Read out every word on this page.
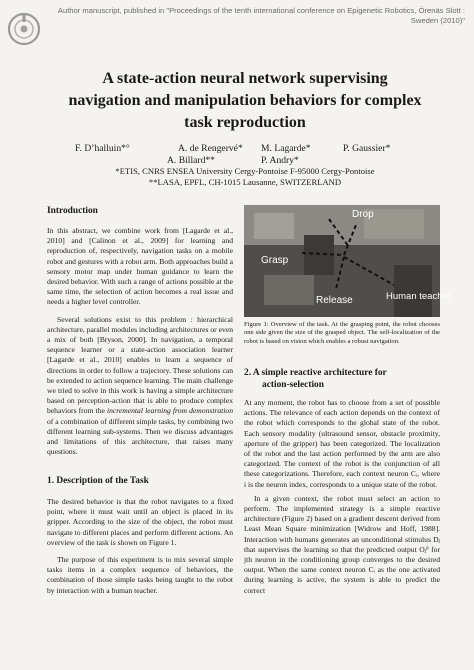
Author manuscript, published in "Proceedings of the tenth international conference on Epigenetic Robotics, Örenäs Slott : Sweden (2010)"
A state-action neural network supervising
navigation and manipulation behaviors for complex
task reproduction
F. D’halluin*°	A. de Rengervé* M. Lagarde*	P. Gaussier*
A. Billard**	P. Andry*
*ETIS, CNRS ENSEA University Cergy-Pontoise F-95000 Cergy-Pontoise
**LASA, EPFL, CH-1015 Lausanne, SWITZERLAND
Introduction

In this abstract, we combine work from [Lagarde et al., 2010] and [Calinon et al., 2009] for learning and reproduction of, respectively, navigation tasks on a mobile robot and gestures with a robot arm. Both approaches build a sensory motor map under human guidance to learn the desired behavior. With such a range of actions possible at the same time, the selection of action becomes a real issue and needs a higher level controller.

Several solutions exist to this problem : hierarchical architecture, parallel modules including architectures or even a mix of both [Bryson, 2000]. In navigation, a temporal sequence learner or a state-action association learner [Lagarde et al., 2010] enables to learn a sequence of directions in order to follow a trajectory. These solutions can be extended to action sequence learning. The main challenge we tried to solve in this work is having a simple architecture based on perception-action that is able to produce complex behaviors from the incremental learning from demonstration of a combination of different simple tasks, by combining two different learning sub-systems. Then we discuss advantages and limitations of this architecture, that raises many questions.

1. Description of the Task

The desired behavior is that the robot navigates to a fixed point, where it must wait until an object is placed in its gripper. According to the size of the object, the robot must navigate to different places and perform different actions. An overview of the task is shown on Figure 1.

The purpose of this experiment is to mix several simple tasks items in a complex sequence of behaviors, the combination of those simple tasks being taught to the robot by interaction with a human teacher.

Drop
Grasp
Release	Human teacher
Figure 1: Overview of the task. At the grasping point, the robot chooses one side given the size of the grasped object. The self-localization of the robot is based on vision which enables a robust navigation.
2. A simple reactive architecture for
action-selection

At any moment, the robot has to choose from a set of possible actions. The relevance of each action depends on the context of the robot which corresponds to the global state of the robot. Each sensory modality (ultrasound sensor, obstacle proximity, aperture of the gripper) has been categorized. The localization of the robot and the last action performed by the arm are also categorized. The context of the robot is the conjunction of all these categorizations. Therefore, each context neuron Cᵢ, where i is the neuron index, corresponds to a unique state of the robot.

In a given context, the robot must select an action to perform. The implemented strategy is a simple reactive architecture (Figure 2) based on a gradient descent derived from Least Mean Square minimization [Widrow and Hoff, 1988]. Interaction with humans generates an unconditional stimulus Dⱼ that supervises the learning so that the predicted output Oⱼᴾ for jth neuron in the conditioning group converges to the desired output. When the same context neuron Cᵢ as the one activated during learning is active, the system is able to predict the correct
